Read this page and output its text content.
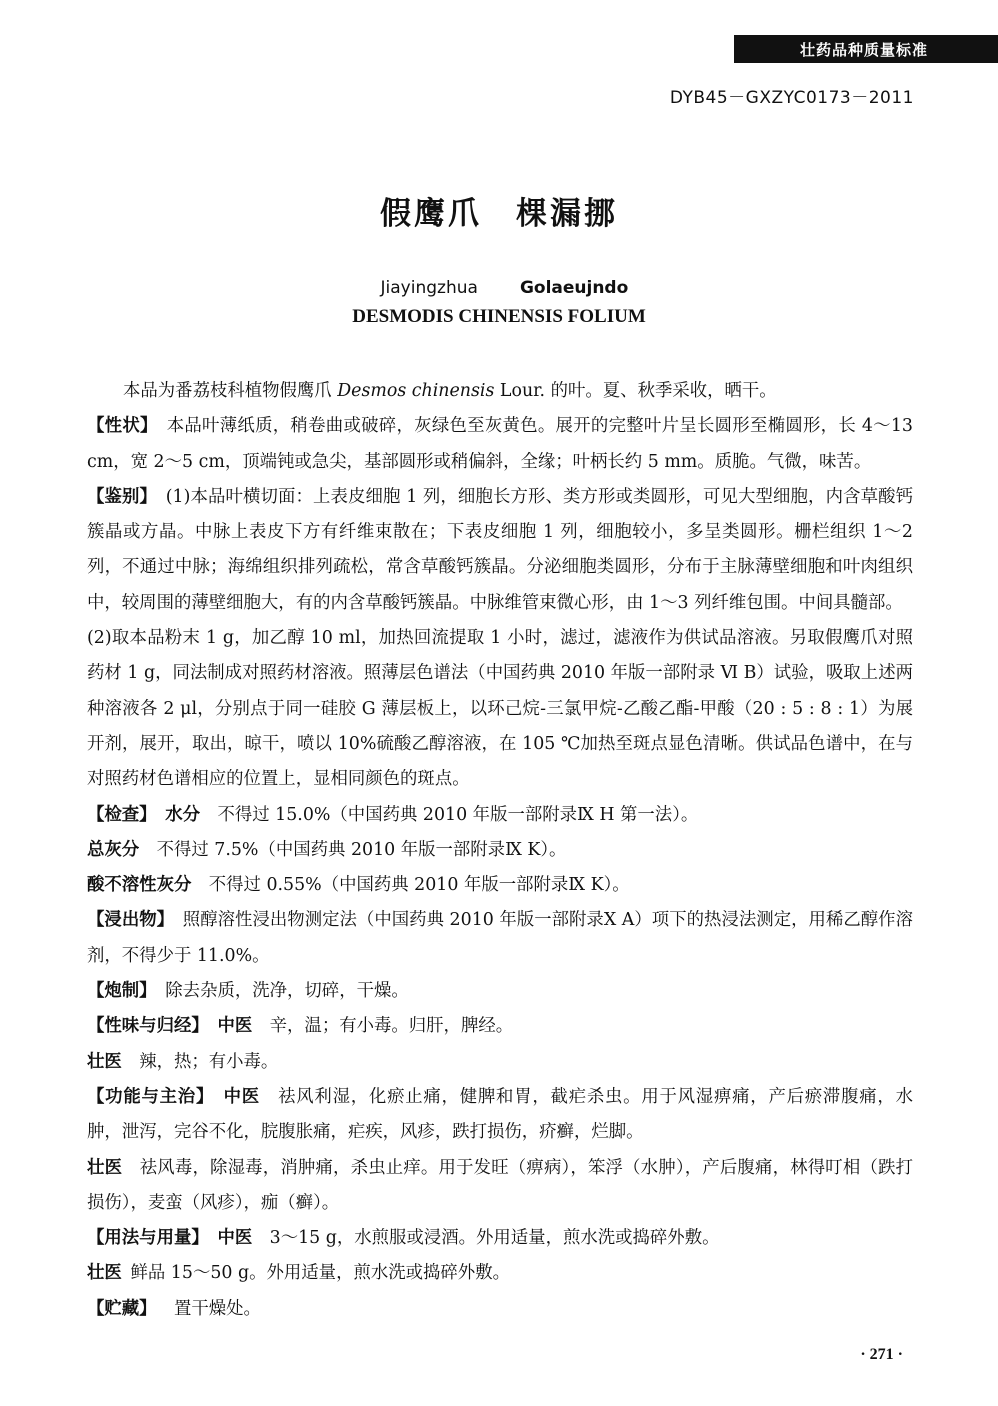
壮药品种质量标准
DYB45－GXZYC0173－2011
假鹰爪　棵漏挪

Jiayingzhua Golaeujndo

DESMODIS CHINENSIS FOLIUM

本品为番荔枝科植物假鹰爪 Desmos chinensis Lour. 的叶。夏、秋季采收，晒干。

【性状】  本品叶薄纸质，稍卷曲或破碎，灰绿色至灰黄色。展开的完整叶片呈长圆形至椭圆形，长 4～13 cm，宽 2～5 cm，顶端钝或急尖，基部圆形或稍偏斜，全缘；叶柄长约 5 mm。质脆。气微，味苦。

【鉴别】  (1)本品叶横切面：上表皮细胞 1 列，细胞长方形、类方形或类圆形，可见大型细胞，内含草酸钙簇晶或方晶。中脉上表皮下方有纤维束散在；下表皮细胞 1 列，细胞较小，多呈类圆形。栅栏组织 1～2 列，不通过中脉；海绵组织排列疏松，常含草酸钙簇晶。分泌细胞类圆形，分布于主脉薄壁细胞和叶肉组织中，较周围的薄壁细胞大，有的内含草酸钙簇晶。中脉维管束微心形，由 1～3 列纤维包围。中间具髓部。

(2)取本品粉末 1 g，加乙醇 10 ml，加热回流提取 1 小时，滤过，滤液作为供试品溶液。另取假鹰爪对照药材 1 g，同法制成对照药材溶液。照薄层色谱法（中国药典 2010 年版一部附录 Ⅵ B）试验，吸取上述两种溶液各 2 μl，分别点于同一硅胶 G 薄层板上，以环己烷-三氯甲烷-乙酸乙酯-甲酸（20 : 5 : 8 : 1）为展开剂，展开，取出，晾干，喷以 10%硫酸乙醇溶液，在 105 ℃加热至斑点显色清晰。供试品色谱中，在与对照药材色谱相应的位置上，显相同颜色的斑点。

【检查】  水分   不得过 15.0%（中国药典 2010 年版一部附录Ⅸ H 第一法）。

总灰分   不得过 7.5%（中国药典 2010 年版一部附录Ⅸ K）。

酸不溶性灰分   不得过 0.55%（中国药典 2010 年版一部附录Ⅸ K）。

【浸出物】  照醇溶性浸出物测定法（中国药典 2010 年版一部附录Ⅹ A）项下的热浸法测定，用稀乙醇作溶剂，不得少于 11.0%。

【炮制】  除去杂质，洗净，切碎，干燥。

【性味与归经】  中医   辛，温；有小毒。归肝，脾经。

壮医   辣，热；有小毒。

【功能与主治】  中医   祛风利湿，化瘀止痛，健脾和胃，截疟杀虫。用于风湿痹痛，产后瘀滞腹痛，水肿，泄泻，完谷不化，脘腹胀痛，疟疾，风疹，跌打损伤，疥癣，烂脚。

壮医   祛风毒，除湿毒，消肿痛，杀虫止痒。用于发旺（痹病），笨浮（水肿），产后腹痛，林得叮相（跌打损伤），麦蛮（风疹），痂（癣）。

【用法与用量】  中医   3～15 g，水煎服或浸酒。外用适量，煎水洗或捣碎外敷。

壮医  鲜品 15～50 g。外用适量，煎水洗或捣碎外敷。

【贮藏】   置干燥处。

· 271 ·
